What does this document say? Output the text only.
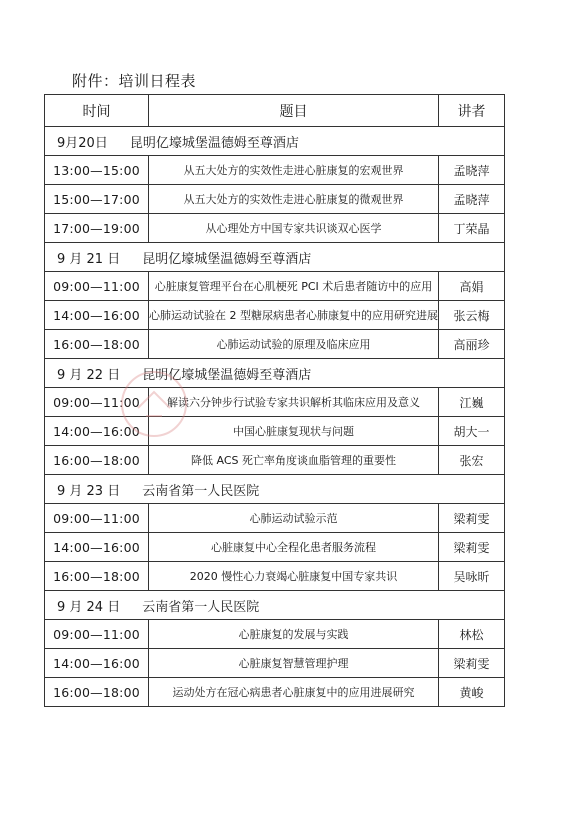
附件：培训日程表
时间	题目	讲者
9月20日 昆明亿壕城堡温德姆至尊酒店		
13:00—15:00	从五大处方的实效性走进心脏康复的宏观世界	孟晓萍
15:00—17:00	从五大处方的实效性走进心脏康复的微观世界	孟晓萍
17:00—19:00	从心理处方中国专家共识谈双心医学	丁荣晶
9 月 21 日 昆明亿壕城堡温德姆至尊酒店		
09:00—11:00	心脏康复管理平台在心肌梗死 PCI 术后患者随访中的应用	高娟
14:00—16:00	心肺运动试验在 2 型糖尿病患者心肺康复中的应用研究进展	张云梅
16:00—18:00	心肺运动试验的原理及临床应用	高丽珍
9 月 22 日 昆明亿壕城堡温德姆至尊酒店		
09:00—11:00	解读六分钟步行试验专家共识解析其临床应用及意义	江巍
14:00—16:00	中国心脏康复现状与问题	胡大一
16:00—18:00	降低 ACS 死亡率角度谈血脂管理的重要性	张宏
9 月 23 日 云南省第一人民医院		
09:00—11:00	心肺运动试验示范	梁莉雯
14:00—16:00	心脏康复中心全程化患者服务流程	梁莉雯
16:00—18:00	2020 慢性心力衰竭心脏康复中国专家共识	吴咏昕
9 月 24 日 云南省第一人民医院		
09:00—11:00	心脏康复的发展与实践	林松
14:00—16:00	心脏康复智慧管理护理	梁莉雯
16:00—18:00	运动处方在冠心病患者心脏康复中的应用进展研究	黄峻
